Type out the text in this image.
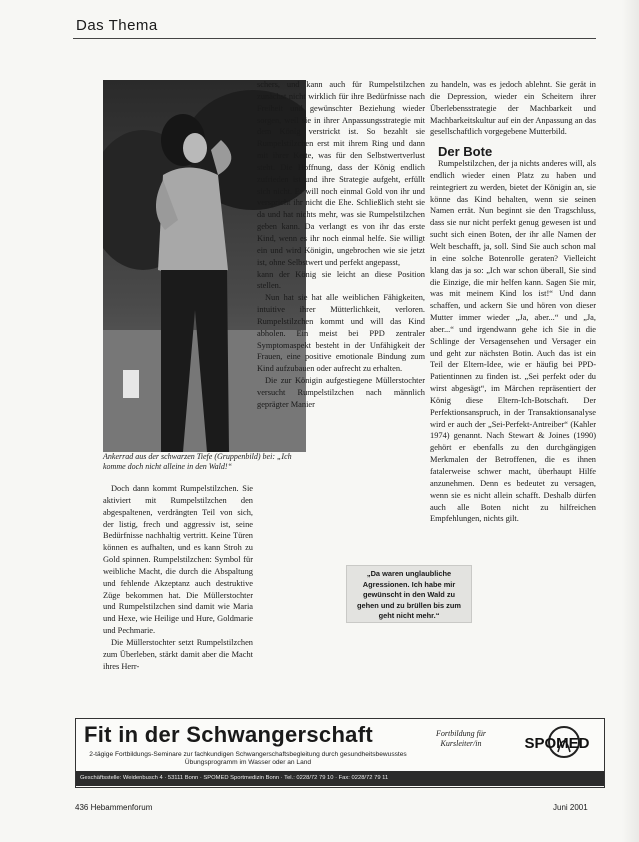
Das Thema
Ankerrad aus der schwarzen Tiefe (Gruppenbild) bei: „Ich komme doch nicht alleine in den Wald!“

Doch dann kommt Rumpelstilzchen. Sie aktiviert mit Rumpelstilzchen den abgespaltenen, verdrängten Teil von sich, der listig, frech und aggressiv ist, seine Bedürfnisse nachhaltig vertritt. Keine Türen können es aufhalten, und es kann Stroh zu Gold spinnen. Rumpelstilzchen: Symbol für weibliche Macht, die durch die Abspaltung und fehlende Akzeptanz auch destruktive Züge bekommen hat. Die Müllerstochter und Rumpelstilzchen sind damit wie Maria und Hexe, wie Heilige und Hure, Goldmarie und Pechmarie.

Die Müllerstochter setzt Rumpelstilzchen zum Überleben, stärkt damit aber die Macht ihres Herr-

schers, und kann auch für Rumpelstilzchen zunächst nicht wirklich für ihre Bedürfnisse nach Freiheit und gewünschter Beziehung wieder sorgen, weil sie in ihrer Anpassungsstrategie mit dem König verstrickt ist. So bezahlt sie Rumpelstilzchen erst mit ihrem Ring und dann mit ihrer Kette, was für den Selbstwertverlust steht. Die Hoffnung, dass der König endlich zufrieden ist und ihre Strategie aufgeht, erfüllt sich nicht. Er will noch einmal Gold von ihr und verspricht ihr nicht die Ehe. Schließlich steht sie da und hat nichts mehr, was sie Rumpelstilzchen geben kann. Da verlangt es von ihr das erste Kind, wenn es ihr noch einmal helfe. Sie willigt ein und wird Königin, ungebrochen wie sie jetzt ist, ohne Selbstwert und perfekt angepasst,

kann der König sie leicht an diese Position stellen.

Nun hat sie hat alle weiblichen Fähigkeiten, intuitive ihrer Mütterlichkeit, verloren. Rumpelstilzchen kommt und will das Kind abholen. Ein meist bei PPD zentraler Symptomaspekt besteht in der Unfähigkeit der Frauen, eine positive emotionale Bindung zum Kind aufzubauen oder aufrecht zu erhalten.

Die zur Königin aufgestiegene Müllerstochter versucht Rumpelstilzchen nach männlich geprägter Manier

zu handeln, was es jedoch ablehnt. Sie gerät in die Depression, wieder ein Scheitern ihrer Überlebensstrategie der Machbarkeit und Machbarkeitskultur auf ein der Anpassung an das gesellschaftlich vorgegebene Mutterbild.

Der Bote

Rumpelstilzchen, der ja nichts anderes will, als endlich wieder einen Platz zu haben und reintegriert zu werden, bietet der Königin an, sie könne das Kind behalten, wenn sie seinen Namen errät. Nun beginnt sie den Tragschluss, dass sie nur nicht perfekt genug gewesen ist und sucht sich einen Boten, der ihr alle Namen der Welt beschafft, ja, soll. Sind Sie auch schon mal in eine solche Botenrolle geraten? Vielleicht klang das ja so: „Ich war schon überall, Sie sind die Einzige, die mir helfen kann. Sagen Sie mir, was mit meinem Kind los ist!“ Und dann schaffen, und ackern Sie und hören von dieser Mutter immer wieder „Ja, aber...“ und „Ja, aber...“ und irgendwann gehe ich Sie in die Schlinge der Versagensehen und Versager ein und geht zur nächsten Botin. Auch das ist ein Teil der Eltern-Idee, wie er häufig bei PPD-Patientinnen zu finden ist. „Sei perfekt oder du wirst abgesägt“, im Märchen repräsentiert der König diese Eltern-Ich-Botschaft. Der Perfektionsanspruch, in der Transaktionsanalyse wird er auch der „Sei-Perfekt-Antreiber“ (Kahler 1974) genannt. Nach Stewart & Joines (1990) gehört er ebenfalls zu den durchgängigen Merkmalen der Betroffenen, die es ihnen fatalerweise schwer macht, überhaupt Hilfe anzunehmen. Denn es bedeutet zu versagen, wenn sie es nicht allein schafft. Deshalb dürfen auch alle Boten nicht zu hilfreichen Empfehlungen, nichts gilt.

„Da waren unglaubliche Agressionen. Ich habe mir gewünscht in den Wald zu gehen und zu brüllen bis zum geht nicht mehr.“
Fit in der Schwangerschaft
2-tägige Fortbildungs-Seminare zur fachkundigen Schwangerschaftsbegleitung durch gesundheitsbewusstes Übungsprogramm im Wasser oder an Land
Fortbildung für Kursleiter/in	SPOMED
Geschäftsstelle: Weidenbusch 4 · 53111 Bonn · SPOMED Sportmedizin Bonn · Tel.: 0228/72 79 10 · Fax: 0228/72 79 11
436 Hebammenforum	Juni 2001
